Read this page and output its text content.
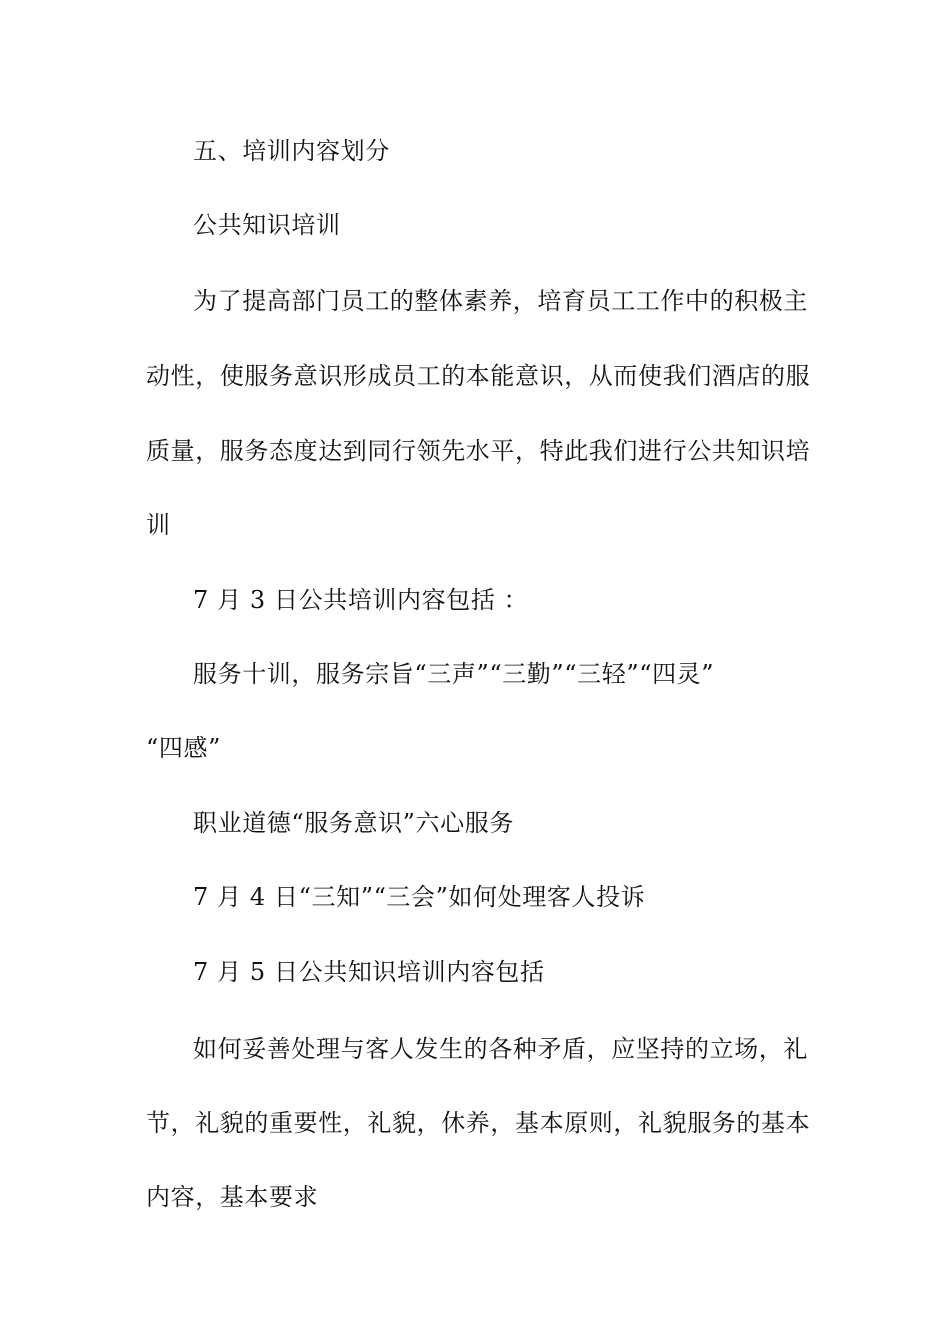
五、培训内容划分
公共知识培训
为了提高部门员工的整体素养，培育员工工作中的积极主
动性，使服务意识形成员工的本能意识，从而使我们酒店的服
质量，服务态度达到同行领先水平，特此我们进行公共知识培
训
7 月 3 日公共培训内容包括 ：
服务十训，服务宗旨“三声”“三勤”“三轻”“四灵”
“四感”
职业道德“服务意识”六心服务
7 月 4 日“三知”“三会”如何处理客人投诉
7 月 5 日公共知识培训内容包括
如何妥善处理与客人发生的各种矛盾，应坚持的立场，礼
节，礼貌的重要性，礼貌，休养，基本原则，礼貌服务的基本
内容，基本要求
